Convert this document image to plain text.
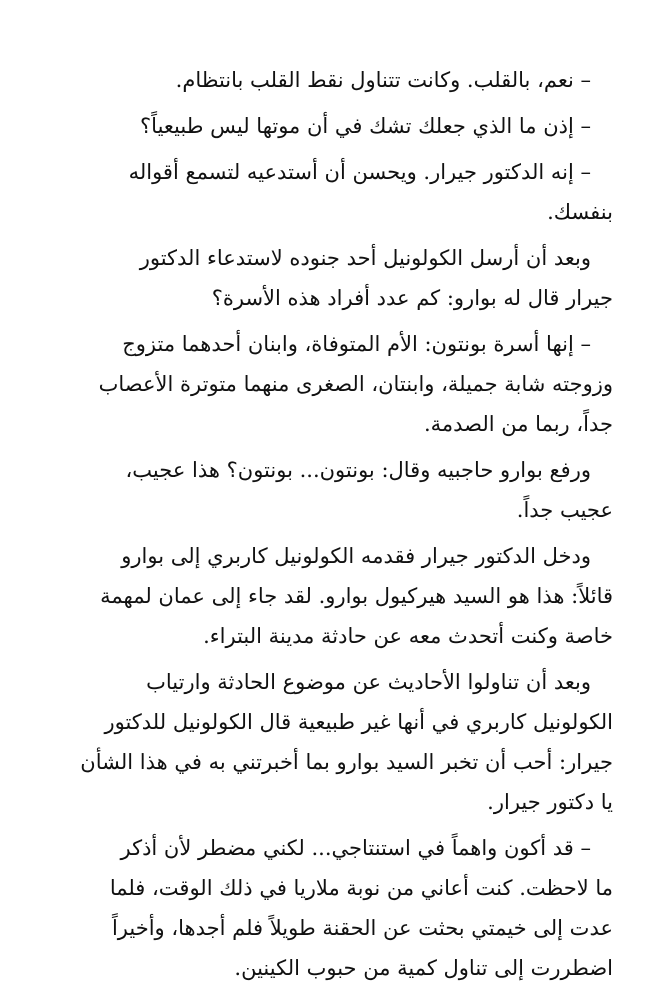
– نعم، بالقلب. وكانت تتناول نقط القلب بانتظام.
– إذن ما الذي جعلك تشك في أن موتها ليس طبيعياً؟
– إنه الدكتور جيرار. ويحسن أن أستدعيه لتسمع أقواله
بنفسك.
وبعد أن أرسل الكولونيل أحد جنوده لاستدعاء الدكتور
جيرار قال له بوارو: كم عدد أفراد هذه الأسرة؟
– إنها أسرة بونتون: الأم المتوفاة، وابنان أحدهما متزوج
وزوجته شابة جميلة، وابنتان، الصغرى منهما متوترة الأعصاب
جداً، ربما من الصدمة.
ورفع بوارو حاجبيه وقال: بونتون... بونتون؟ هذا عجيب،
عجيب جداً.
ودخل الدكتور جيرار فقدمه الكولونيل كاربري إلى بوارو
قائلاً: هذا هو السيد هيركيول بوارو. لقد جاء إلى عمان لمهمة
خاصة وكنت أتحدث معه عن حادثة مدينة البتراء.
وبعد أن تناولوا الأحاديث عن موضوع الحادثة وارتياب
الكولونيل كاربري في أنها غير طبيعية قال الكولونيل للدكتور
جيرار: أحب أن تخبر السيد بوارو بما أخبرتني به في هذا الشأن
يا دكتور جيرار.
– قد أكون واهماً في استنتاجي... لكني مضطر لأن أذكر
ما لاحظت. كنت أعاني من نوبة ملاريا في ذلك الوقت، فلما
عدت إلى خيمتي بحثت عن الحقنة طويلاً فلم أجدها، وأخيراً
اضطررت إلى تناول كمية من حبوب الكينين.
